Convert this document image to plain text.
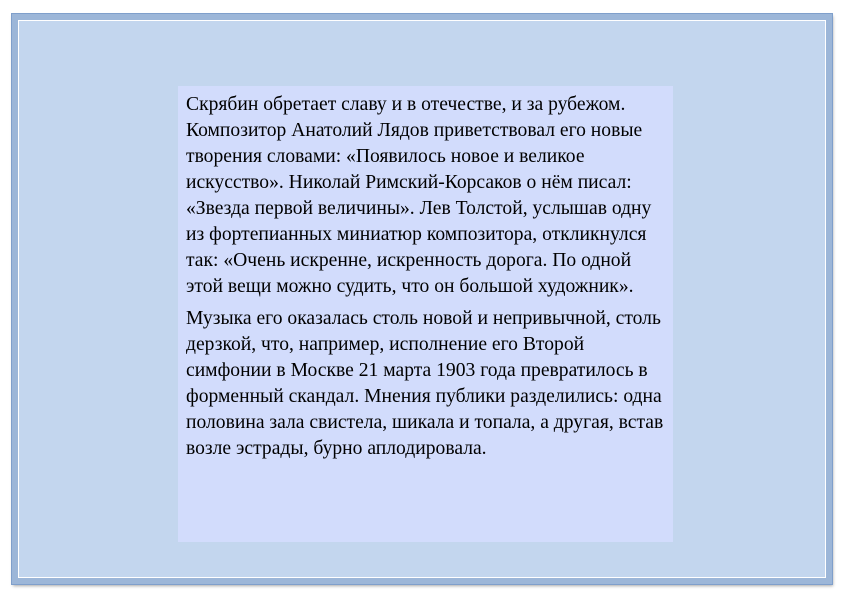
Скрябин обретает славу и в отечестве, и за рубежом. Композитор Анатолий Лядов приветствовал его новые творения словами: «Появилось новое и великое искусство». Николай Римский-Корсаков о нём писал: «Звезда первой величины». Лев Толстой, услышав одну из фортепианных миниатюр композитора, откликнулся так: «Очень искренне, искренность дорога. По одной этой вещи можно судить, что он большой художник».

Музыка его оказалась столь новой и непривычной, столь дерзкой, что, например, исполнение его Второй симфонии в Москве 21 марта 1903 года превратилось в форменный скандал. Мнения публики разделились: одна половина зала свистела, шикала и топала, а другая, встав возле эстрады, бурно аплодировала.
